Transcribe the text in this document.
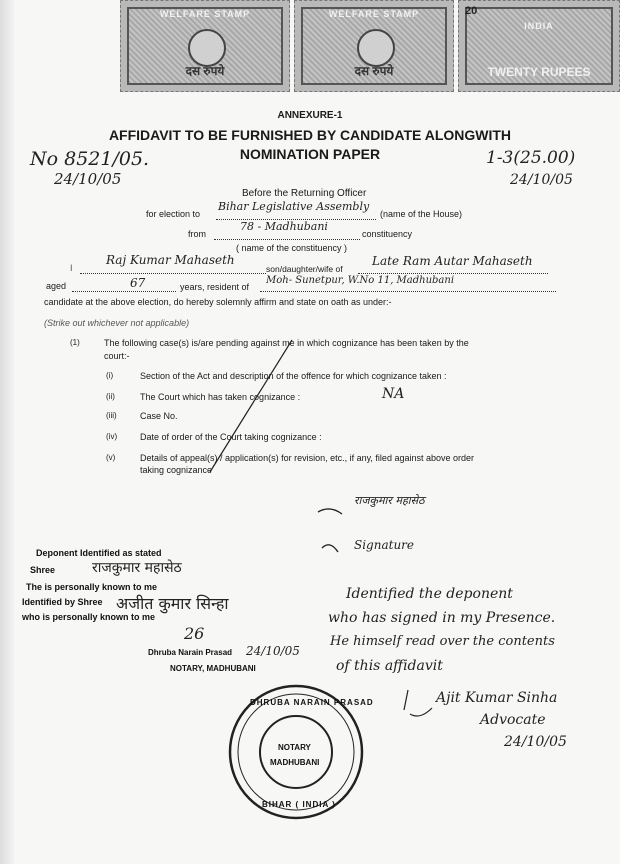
WELFARE STAMP
दस रुपये
WELFARE STAMP
दस रुपये
INDIA
20
TWENTY RUPEES
ANNEXURE-1
AFFIDAVIT TO BE FURNISHED BY CANDIDATE ALONGWITH
NOMINATION PAPER
No 8521/05.
24/10/05
1-3(25.00)
24/10/05
Before the Returning Officer
for election to
Bihar Legislative Assembly
(name of the House)
from
78 - Madhubani
constituency
( name of the constituency )
I
Raj Kumar Mahaseth
son/daughter/wife of
Late Ram Autar Mahaseth
aged	67	years, resident of
Moh- Sunetpur, W.No 11, Madhubani
candidate at the above election, do hereby solemnly affirm and state on oath as under:-
(Strike out whichever not applicable)
(1)	The following case(s) is/are pending against me in which cognizance has been taken by the
court:-
(i)	Section of the Act and description of the offence for which cognizance taken :
(ii)	The Court which has taken cognizance :	NA
(iii)	Case No.
(iv)	Date of order of the Court taking cognizance :
(v)	Details of appeal(s) / application(s) for revision, etc., if any, filed against above order
taking cognizance
राजकुमार महासेठ
Signature
Deponent Identified as stated
Shree	राजकुमार महासेठ
The is personally known to me
Identified by Shree अजीत कुमार सिन्हा
who is personally known to me
26
Dhruba Narain Prasad 24/10/05
NOTARY, MADHUBANI
Identified the deponent
who has signed in my Presence.
He himself read over the contents
of this affidavit
Ajit Kumar Sinha
Advocate
24/10/05
DHRUBA NARAIN PRASAD
NOTARY
MADHUBANI
BIHAR ( INDIA )
